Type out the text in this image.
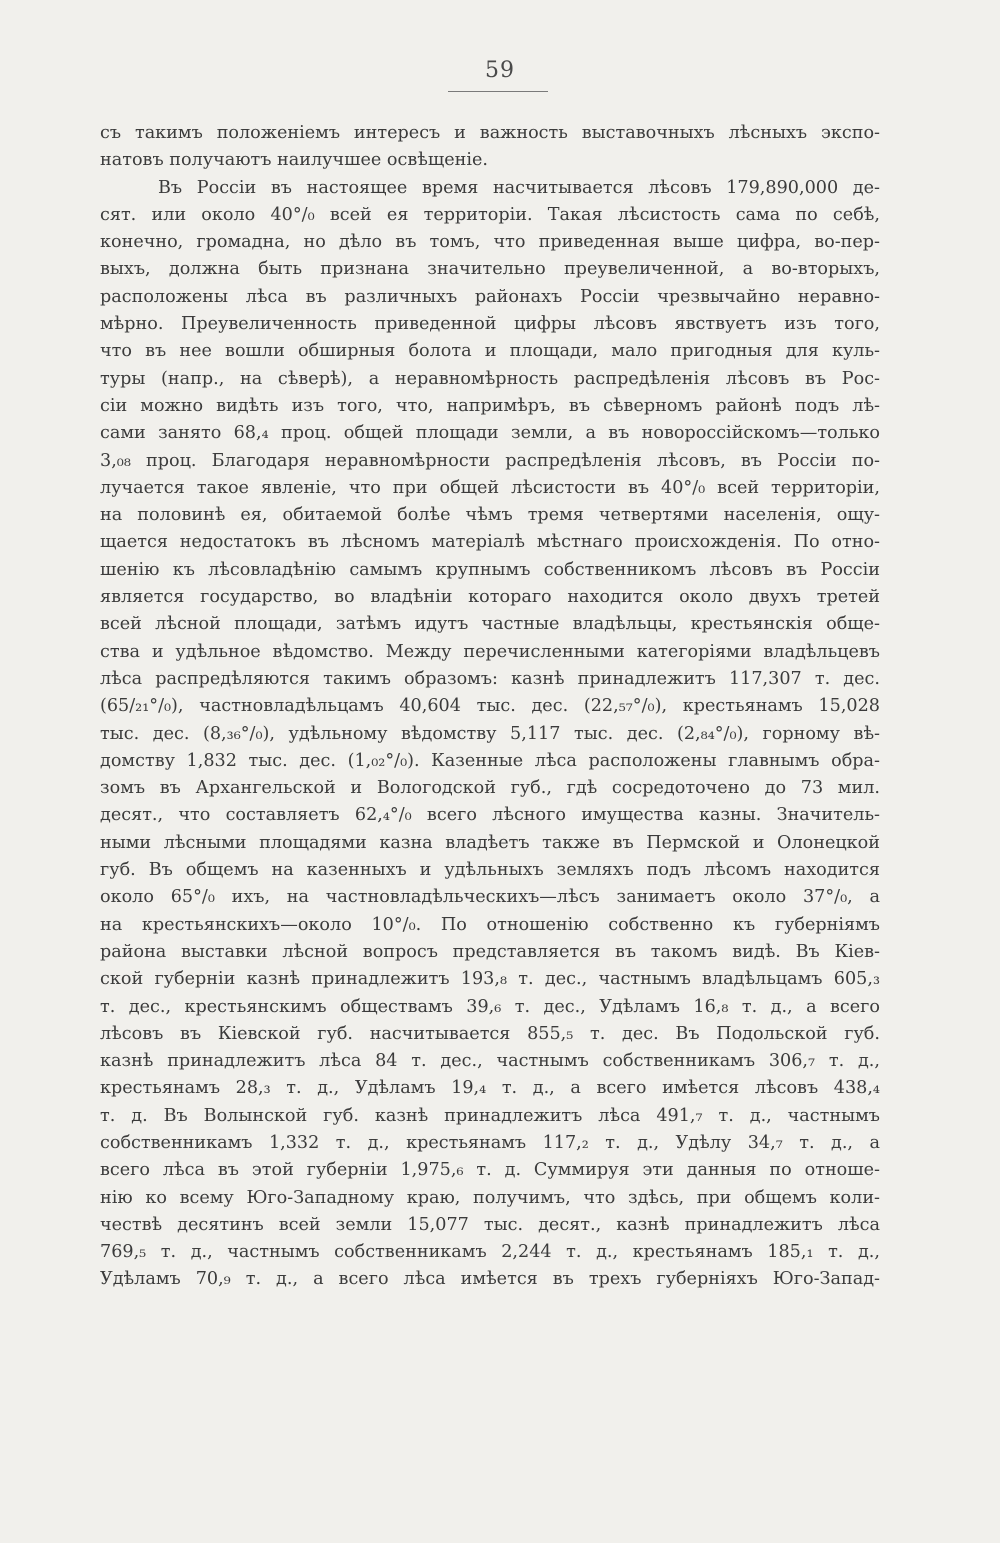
59
съ такимъ положеніемъ интересъ и важность выставочныхъ лѣсныхъ экспо-
натовъ получаютъ наилучшее освѣщеніе.
Въ Россіи въ настоящее время насчитывается лѣсовъ 179,890,000 де-
сят. или около 40°/₀ всей ея территоріи. Такая лѣсистость сама по себѣ,
конечно, громадна, но дѣло въ томъ, что приведенная выше цифра, во-пер-
выхъ, должна быть признана значительно преувеличенной, а во-вторыхъ,
расположены лѣса въ различныхъ районахъ Россіи чрезвычайно неравно-
мѣрно. Преувеличенность приведенной цифры лѣсовъ явствуетъ изъ того,
что въ нее вошли обширныя болота и площади, мало пригодныя для куль-
туры (напр., на сѣверѣ), а неравномѣрность распредѣленія лѣсовъ въ Рос-
сіи можно видѣть изъ того, что, напримѣръ, въ сѣверномъ районѣ подъ лѣ-
сами занято 68,₄ проц. общей площади земли, а въ новороссійскомъ—только
3,₀₈ проц. Благодаря неравномѣрности распредѣленія лѣсовъ, въ Россіи по-
лучается такое явленіе, что при общей лѣсистости въ 40°/₀ всей территоріи,
на половинѣ ея, обитаемой болѣе чѣмъ тремя четвертями населенія, ощу-
щается недостатокъ въ лѣсномъ матеріалѣ мѣстнаго происхожденія. По отно-
шенію къ лѣсовладѣнію самымъ крупнымъ собственникомъ лѣсовъ въ Россіи
является государство, во владѣніи котораго находится около двухъ третей
всей лѣсной площади, затѣмъ идутъ частные владѣльцы, крестьянскія обще-
ства и удѣльное вѣдомство. Между перечисленными категоріями владѣльцевъ
лѣса распредѣляются такимъ образомъ: казнѣ принадлежитъ 117,307 т. дес.
(65/₂₁°/₀), частновладѣльцамъ 40,604 тыс. дес. (22,₅₇°/₀), крестьянамъ 15,028
тыс. дес. (8,₃₆°/₀), удѣльному вѣдомству 5,117 тыс. дес. (2,₈₄°/₀), горному вѣ-
домству 1,832 тыс. дес. (1,₀₂°/₀). Казенные лѣса расположены главнымъ обра-
зомъ въ Архангельской и Вологодской губ., гдѣ сосредоточено до 73 мил.
десят., что составляетъ 62,₄°/₀ всего лѣсного имущества казны. Значитель-
ными лѣсными площадями казна владѣетъ также въ Пермской и Олонецкой
губ. Въ общемъ на казенныхъ и удѣльныхъ земляхъ подъ лѣсомъ находится
около 65°/₀ ихъ, на частновладѣльческихъ—лѣсъ занимаетъ около 37°/₀, а
на крестьянскихъ—около 10°/₀. По отношенію собственно къ губерніямъ
района выставки лѣсной вопросъ представляется въ такомъ видѣ. Въ Кіев-
ской губерніи казнѣ принадлежитъ 193,₈ т. дес., частнымъ владѣльцамъ 605,₃
т. дес., крестьянскимъ обществамъ 39,₆ т. дес., Удѣламъ 16,₈ т. д., а всего
лѣсовъ въ Кіевской губ. насчитывается 855,₅ т. дес. Въ Подольской губ.
казнѣ принадлежитъ лѣса 84 т. дес., частнымъ собственникамъ 306,₇ т. д.,
крестьянамъ 28,₃ т. д., Удѣламъ 19,₄ т. д., а всего имѣется лѣсовъ 438,₄
т. д. Въ Волынской губ. казнѣ принадлежитъ лѣса 491,₇ т. д., частнымъ
собственникамъ 1,332 т. д., крестьянамъ 117,₂ т. д., Удѣлу 34,₇ т. д., а
всего лѣса въ этой губерніи 1,975,₆ т. д. Суммируя эти данныя по отноше-
нію ко всему Юго-Западному краю, получимъ, что здѣсь, при общемъ коли-
чествѣ десятинъ всей земли 15,077 тыс. десят., казнѣ принадлежитъ лѣса
769,₅ т. д., частнымъ собственникамъ 2,244 т. д., крестьянамъ 185,₁ т. д.,
Удѣламъ 70,₉ т. д., а всего лѣса имѣется въ трехъ губерніяхъ Юго-Запад-
